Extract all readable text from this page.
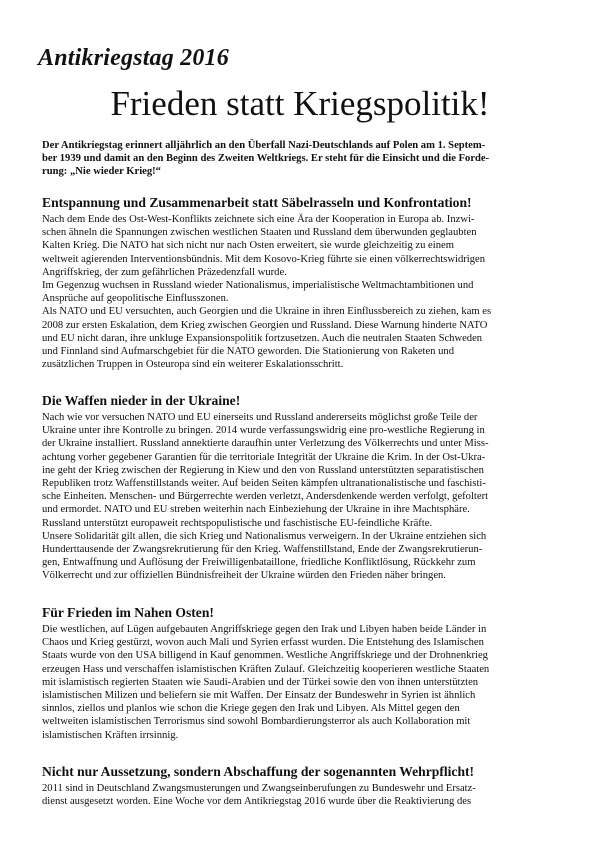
Antikriegstag 2016
Frieden statt Kriegspolitik!
Der Antikriegstag erinnert alljährlich an den Überfall Nazi-Deutschlands auf Polen am 1. Septem-
ber 1939 und damit an den Beginn des Zweiten Weltkriegs. Er steht für die Einsicht und die Forde-
rung: „Nie wieder Krieg!“
Entspannung und Zusammenarbeit statt Säbelrasseln und Konfrontation!
Nach dem Ende des Ost-West-Konflikts zeichnete sich eine Ära der Kooperation in Europa ab. Inzwi-
schen ähneln die Spannungen zwischen westlichen Staaten und Russland dem überwunden geglaubten
Kalten Krieg. Die NATO hat sich nicht nur nach Osten erweitert, sie wurde gleichzeitig zu einem
weltweit agierenden Interventionsbündnis. Mit dem Kosovo-Krieg führte sie einen völkerrechtswidrigen
Angriffskrieg, der zum gefährlichen Präzedenzfall wurde.
Im Gegenzug wuchsen in Russland wieder Nationalismus, imperialistische Weltmachtambitionen und
Ansprüche auf geopolitische Einflusszonen.
Als NATO und EU versuchten, auch Georgien und die Ukraine in ihren Einflussbereich zu ziehen, kam es
2008 zur ersten Eskalation, dem Krieg zwischen Georgien und Russland. Diese Warnung hinderte NATO
und EU nicht daran, ihre unkluge Expansionspolitik fortzusetzen. Auch die neutralen Staaten Schweden
und Finnland sind Aufmarschgebiet für die NATO geworden. Die Stationierung von Raketen und
zusätzlichen Truppen in Osteuropa sind ein weiterer Eskalationsschritt.
Die Waffen nieder in der Ukraine!
Nach wie vor versuchen NATO und EU einerseits und Russland andererseits möglichst große Teile der
Ukraine unter ihre Kontrolle zu bringen. 2014 wurde verfassungswidrig eine pro-westliche Regierung in
der Ukraine installiert. Russland annektierte daraufhin unter Verletzung des Völkerrechts und unter Miss-
achtung vorher gegebener Garantien für die territoriale Integrität der Ukraine die Krim. In der Ost-Ukra-
ine geht der Krieg zwischen der Regierung in Kiew und den von Russland unterstützten separatistischen
Republiken trotz Waffenstillstands weiter. Auf beiden Seiten kämpfen ultranationalistische und faschisti-
sche Einheiten. Menschen- und Bürgerrechte werden verletzt, Andersdenkende werden verfolgt, gefoltert
und ermordet. NATO und EU streben weiterhin nach Einbeziehung der Ukraine in ihre Machtsphäre.
Russland unterstützt europaweit rechtspopulistische und faschistische EU-feindliche Kräfte.
Unsere Solidarität gilt allen, die sich Krieg und Nationalismus verweigern. In der Ukraine entziehen sich
Hunderttausende der Zwangsrekrutierung für den Krieg. Waffenstillstand, Ende der Zwangsrekrutierun-
gen, Entwaffnung und Auflösung der Freiwilligenbataillone, friedliche Konfliktlösung, Rückkehr zum
Völkerrecht und zur offiziellen Bündnisfreiheit der Ukraine würden den Frieden näher bringen.
Für Frieden im Nahen Osten!
Die westlichen, auf Lügen aufgebauten Angriffskriege gegen den Irak und Libyen haben beide Länder in
Chaos und Krieg gestürzt, wovon auch Mali und Syrien erfasst wurden. Die Entstehung des Islamischen
Staats wurde von den USA billigend in Kauf genommen. Westliche Angriffskriege und der Drohnenkrieg
erzeugen Hass und verschaffen islamistischen Kräften Zulauf. Gleichzeitig kooperieren westliche Staaten
mit islamistisch regierten Staaten wie Saudi-Arabien und der Türkei sowie den von ihnen unterstützten
islamistischen Milizen und beliefern sie mit Waffen. Der Einsatz der Bundeswehr in Syrien ist ähnlich
sinnlos, ziellos und planlos wie schon die Kriege gegen den Irak und Libyen. Als Mittel gegen den
weltweiten islamistischen Terrorismus sind sowohl Bombardierungsterror als auch Kollaboration mit
islamistischen Kräften irrsinnig.
Nicht nur Aussetzung, sondern Abschaffung der sogenannten Wehrpflicht!
2011 sind in Deutschland Zwangsmusterungen und Zwangseinberufungen zu Bundeswehr und Ersatz-
dienst ausgesetzt worden. Eine Woche vor dem Antikriegstag 2016 wurde über die Reaktivierung des
